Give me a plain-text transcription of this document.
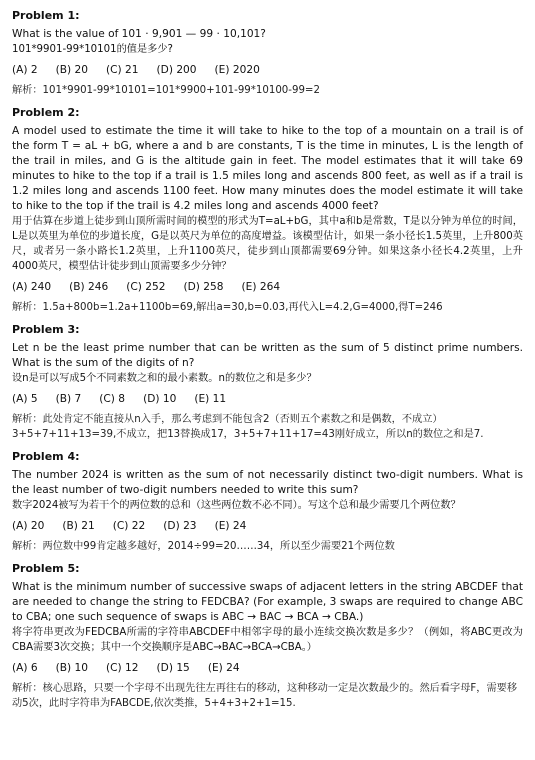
Problem 1:

What is the value of 101 · 9,901 — 99 · 10,101?

101*9901-99*10101的值是多少?

(A) 2 (B) 20 (C) 21 (D) 200 (E) 2020

解析：101*9901-99*10101=101*9900+101-99*10100-99=2

Problem 2:

A model used to estimate the time it will take to hike to the top of a mountain on a trail is of the form T = aL + bG, where a and b are constants, T is the time in minutes, L is the length of the trail in miles, and G is the altitude gain in feet. The model estimates that it will take 69 minutes to hike to the top if a trail is 1.5 miles long and ascends 800 feet, as well as if a trail is 1.2 miles long and ascends 1100 feet. How many minutes does the model estimate it will take to hike to the top if the trail is 4.2 miles long and ascends 4000 feet?

用于估算在步道上徒步到山顶所需时间的模型的形式为T=aL+bG，其中a和b是常数，T是以分钟为单位的时间，L是以英里为单位的步道长度，G是以英尺为单位的高度增益。该模型估计，如果一条小径长1.5英里，上升800英尺，或者另一条小路长1.2英里，上升1100英尺，徒步到山顶都需要69分钟。如果这条小径长4.2英里，上升4000英尺，模型估计徒步到山顶需要多少分钟？

(A) 240 (B) 246 (C) 252 (D) 258 (E) 264

解析：1.5a+800b=1.2a+1100b=69,解出a=30,b=0.03,再代入L=4.2,G=4000,得T=246

Problem 3:

Let n be the least prime number that can be written as the sum of 5 distinct prime numbers. What is the sum of the digits of n?

设n是可以写成5个不同素数之和的最小素数。n的数位之和是多少？

(A) 5 (B) 7 (C) 8 (D) 10 (E) 11

解析：此处肯定不能直接从n入手，那么考虑到不能包含2（否则五个素数之和是偶数，不成立）3+5+7+11+13=39,不成立，把13替换成17，3+5+7+11+17=43刚好成立，所以n的数位之和是7.

Problem 4:

The number 2024 is written as the sum of not necessarily distinct two-digit numbers. What is the least number of two-digit numbers needed to write this sum?

数字2024被写为若干个的两位数的总和（这些两位数不必不同）。写这个总和最少需要几个两位数？

(A) 20 (B) 21 (C) 22 (D) 23 (E) 24

解析：两位数中99肯定越多越好，2014÷99=20……34，所以至少需要21个两位数

Problem 5:

What is the minimum number of successive swaps of adjacent letters in the string ABCDEF that are needed to change the string to FEDCBA? (For example, 3 swaps are required to change ABC to CBA; one such sequence of swaps is ABC → BAC → BCA → CBA.)

将字符串更改为FEDCBA所需的字符串ABCDEF中相邻字母的最小连续交换次数是多少？（例如，将ABC更改为CBA需要3次交换；其中一个交换顺序是ABC→BAC→BCA→CBA。）

(A) 6 (B) 10 (C) 12 (D) 15 (E) 24

解析：核心思路，只要一个字母不出现先往左再往右的移动，这种移动一定是次数最少的。然后看字母F，需要移动5次，此时字符串为FABCDE,依次类推，5+4+3+2+1=15.
